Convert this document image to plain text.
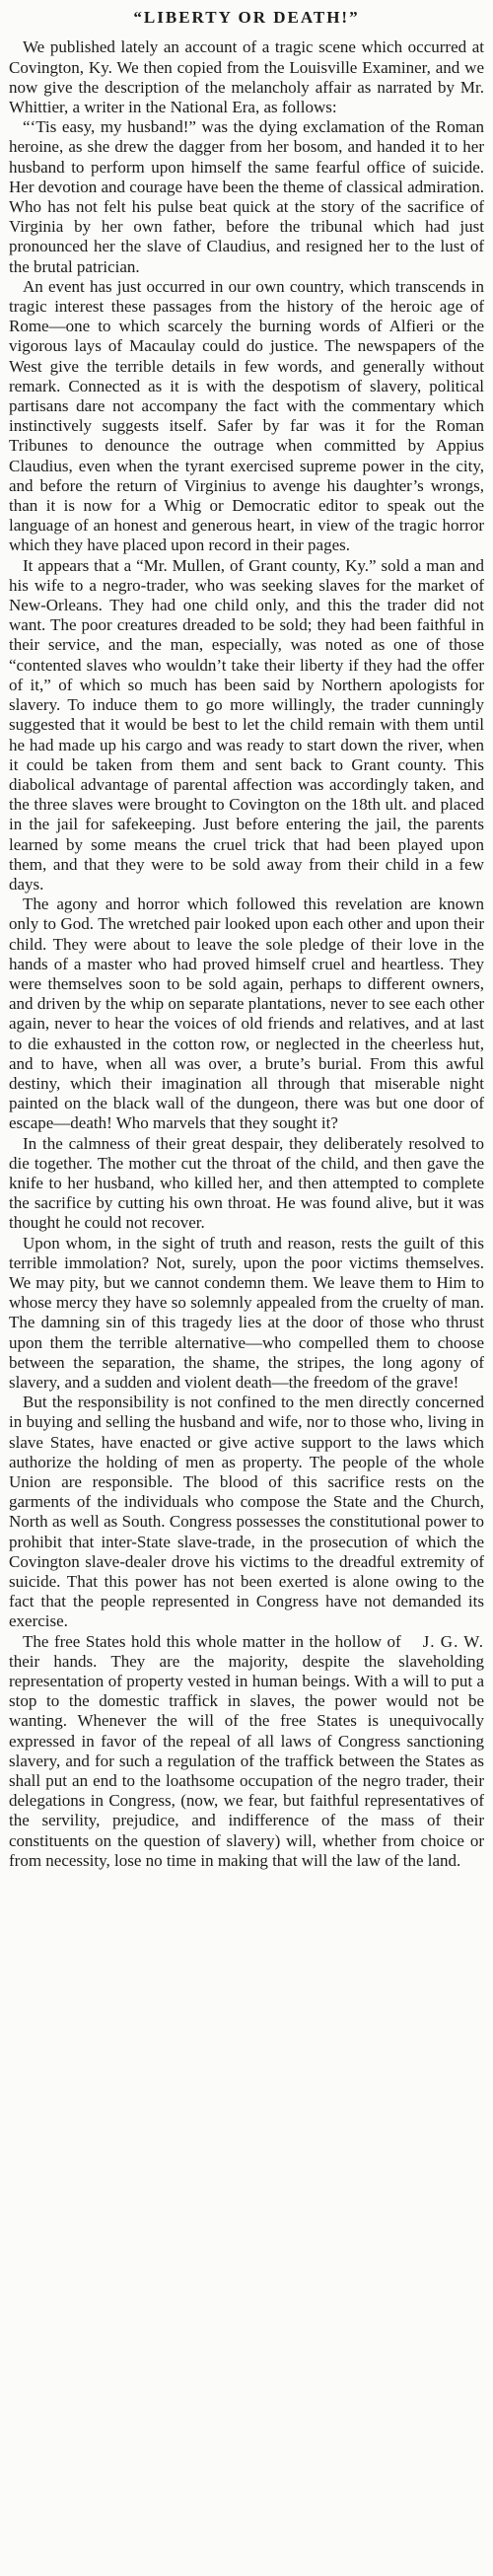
“LIBERTY OR DEATH!”

We published lately an account of a tragic scene which occurred at Covington, Ky. We then copied from the Louisville Examiner, and we now give the description of the melancholy affair as narrated by Mr. Whittier, a writer in the National Era, as follows:

“‘Tis easy, my husband!” was the dying exclamation of the Roman heroine, as she drew the dagger from her bosom, and handed it to her husband to perform upon himself the same fearful office of suicide. Her devotion and courage have been the theme of classical admiration. Who has not felt his pulse beat quick at the story of the sacrifice of Virginia by her own father, before the tribunal which had just pronounced her the slave of Claudius, and resigned her to the lust of the brutal patrician.

An event has just occurred in our own country, which transcends in tragic interest these passages from the history of the heroic age of Rome—one to which scarcely the burning words of Alfieri or the vigorous lays of Macaulay could do justice. The newspapers of the West give the terrible details in few words, and generally without remark. Connected as it is with the despotism of slavery, political partisans dare not accompany the fact with the commentary which instinctively suggests itself. Safer by far was it for the Roman Tribunes to denounce the outrage when committed by Appius Claudius, even when the tyrant exercised supreme power in the city, and before the return of Virginius to avenge his daughter’s wrongs, than it is now for a Whig or Democratic editor to speak out the language of an honest and generous heart, in view of the tragic horror which they have placed upon record in their pages.

It appears that a “Mr. Mullen, of Grant county, Ky.” sold a man and his wife to a negro-trader, who was seeking slaves for the market of New-Orleans. They had one child only, and this the trader did not want. The poor creatures dreaded to be sold; they had been faithful in their service, and the man, especially, was noted as one of those “contented slaves who wouldn’t take their liberty if they had the offer of it,” of which so much has been said by Northern apologists for slavery. To induce them to go more willingly, the trader cunningly suggested that it would be best to let the child remain with them until he had made up his cargo and was ready to start down the river, when it could be taken from them and sent back to Grant county. This diabolical advantage of parental affection was accordingly taken, and the three slaves were brought to Covington on the 18th ult. and placed in the jail for safekeeping. Just before entering the jail, the parents learned by some means the cruel trick that had been played upon them, and that they were to be sold away from their child in a few days.

The agony and horror which followed this revelation are known only to God. The wretched pair looked upon each other and upon their child. They were about to leave the sole pledge of their love in the hands of a master who had proved himself cruel and heartless. They were themselves soon to be sold again, perhaps to different owners, and driven by the whip on separate plantations, never to see each other again, never to hear the voices of old friends and relatives, and at last to die exhausted in the cotton row, or neglected in the cheerless hut, and to have, when all was over, a brute’s burial. From this awful destiny, which their imagination all through that miserable night painted on the black wall of the dungeon, there was but one door of escape—death! Who marvels that they sought it?

In the calmness of their great despair, they deliberately resolved to die together. The mother cut the throat of the child, and then gave the knife to her husband, who killed her, and then attempted to complete the sacrifice by cutting his own throat. He was found alive, but it was thought he could not recover.

Upon whom, in the sight of truth and reason, rests the guilt of this terrible immolation? Not, surely, upon the poor victims themselves. We may pity, but we cannot condemn them. We leave them to Him to whose mercy they have so solemnly appealed from the cruelty of man. The damning sin of this tragedy lies at the door of those who thrust upon them the terrible alternative—who compelled them to choose between the separation, the shame, the stripes, the long agony of slavery, and a sudden and violent death—the freedom of the grave!

But the responsibility is not confined to the men directly concerned in buying and selling the husband and wife, nor to those who, living in slave States, have enacted or give active support to the laws which authorize the holding of men as property. The people of the whole Union are responsible. The blood of this sacrifice rests on the garments of the individuals who compose the State and the Church, North as well as South. Congress possesses the constitutional power to prohibit that inter-State slave-trade, in the prosecution of which the Covington slave-dealer drove his victims to the dreadful extremity of suicide. That this power has not been exerted is alone owing to the fact that the people represented in Congress have not demanded its exercise.

J. G. W.
The free States hold this whole matter in the hollow of their hands. They are the majority, despite the slaveholding representation of property vested in human beings. With a will to put a stop to the domestic traffick in slaves, the power would not be wanting. Whenever the will of the free States is unequivocally expressed in favor of the repeal of all laws of Congress sanctioning slavery, and for such a regulation of the traffick between the States as shall put an end to the loathsome occupation of the negro trader, their delegations in Congress, (now, we fear, but faithful representatives of the servility, prejudice, and indifference of the mass of their constituents on the question of slavery) will, whether from choice or from necessity, lose no time in making that will the law of the land.
